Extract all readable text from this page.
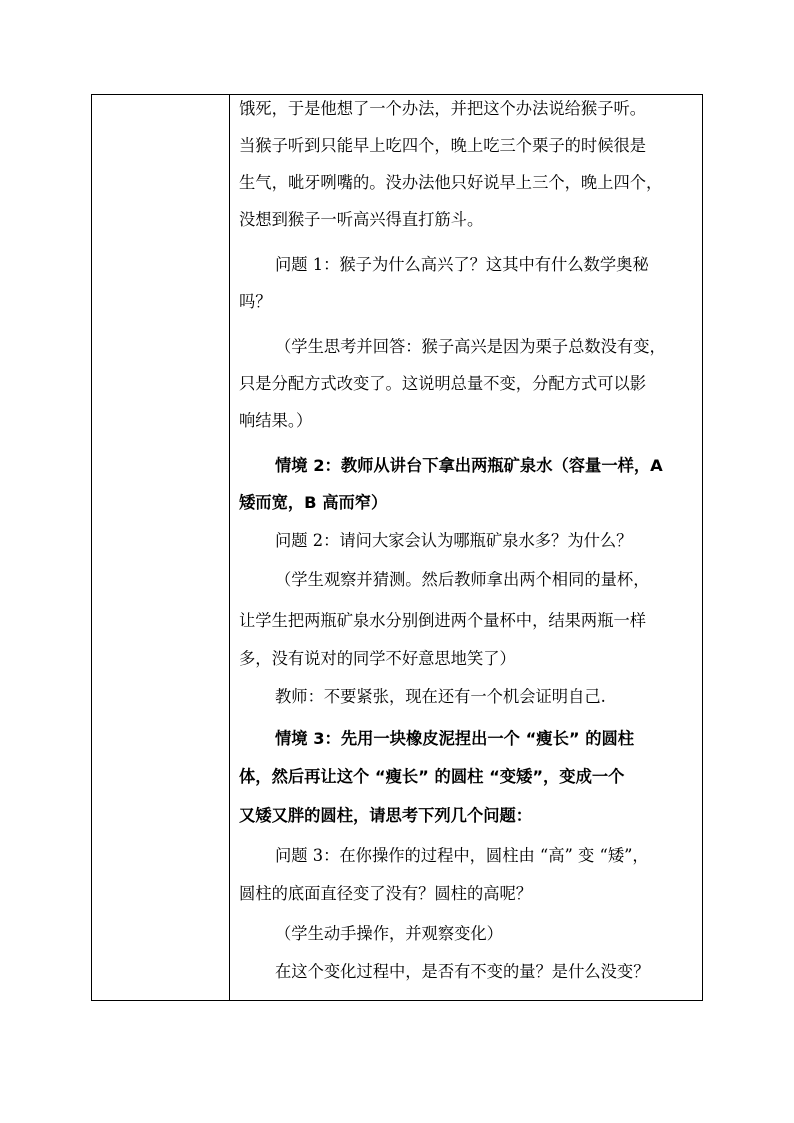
饿死，于是他想了一个办法，并把这个办法说给猴子听。
当猴子听到只能早上吃四个，晚上吃三个栗子的时候很是
生气，呲牙咧嘴的。没办法他只好说早上三个，晚上四个，
没想到猴子一听高兴得直打筋斗。
问题 1：猴子为什么高兴了？这其中有什么数学奥秘
吗？
（学生思考并回答：猴子高兴是因为栗子总数没有变，
只是分配方式改变了。这说明总量不变，分配方式可以影
响结果。）
情境 2：教师从讲台下拿出两瓶矿泉水（容量一样，A
矮而宽，B 高而窄）
问题 2：请问大家会认为哪瓶矿泉水多？为什么？
（学生观察并猜测。然后教师拿出两个相同的量杯，
让学生把两瓶矿泉水分别倒进两个量杯中，结果两瓶一样
多，没有说对的同学不好意思地笑了）
教师：不要紧张，现在还有一个机会证明自己.
情境 3：先用一块橡皮泥捏出一个 “瘦长” 的圆柱
体，然后再让这个 “瘦长” 的圆柱 “变矮”，变成一个
又矮又胖的圆柱，请思考下列几个问题：
问题 3：在你操作的过程中，圆柱由 “高” 变 “矮”，
圆柱的底面直径变了没有？圆柱的高呢？
（学生动手操作，并观察变化）
在这个变化过程中，是否有不变的量？是什么没变？
